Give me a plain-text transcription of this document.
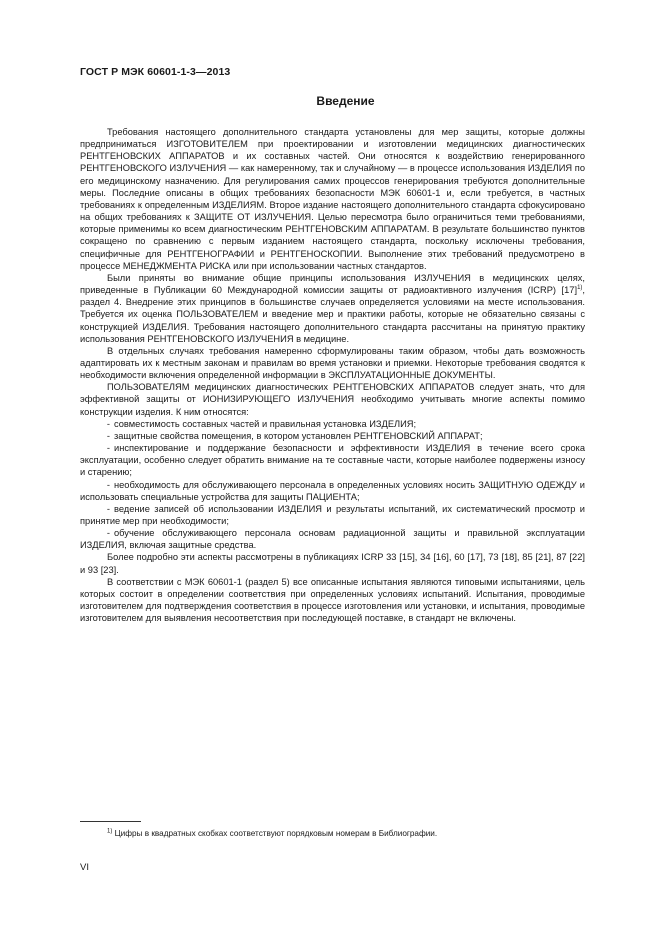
ГОСТ Р МЭК 60601-1-3—2013
Введение

Требования настоящего дополнительного стандарта установлены для мер защиты, которые должны предприниматься ИЗГОТОВИТЕЛЕМ при проектировании и изготовлении медицинских диагностических РЕНТГЕНОВСКИХ АППАРАТОВ и их составных частей. Они относятся к воздействию генерированного РЕНТГЕНОВСКОГО ИЗЛУЧЕНИЯ — как намеренному, так и случайному — в процессе использования ИЗДЕЛИЯ по его медицинскому назначению. Для регулирования самих процессов генерирования требуются дополнительные меры. Последние описаны в общих требованиях безопасности МЭК 60601-1 и, если требуется, в частных требованиях к определенным ИЗДЕЛИЯМ. Второе издание настоящего дополнительного стандарта сфокусировано на общих требованиях к ЗАЩИТЕ ОТ ИЗЛУЧЕНИЯ. Целью пересмотра было ограничиться теми требованиями, которые применимы ко всем диагностическим РЕНТГЕНОВСКИМ АППАРАТАМ. В результате большинство пунктов сокращено по сравнению с первым изданием настоящего стандарта, поскольку исключены требования, специфичные для РЕНТГЕНОГРАФИИ и РЕНТГЕНОСКОПИИ. Выполнение этих требований предусмотрено в процессе МЕНЕДЖМЕНТА РИСКА или при использовании частных стандартов.

Были приняты во внимание общие принципы использования ИЗЛУЧЕНИЯ в медицинских целях, приведенные в Публикации 60 Международной комиссии защиты от радиоактивного излучения (ICRP) $[17]^{1)}$, раздел 4. Внедрение этих принципов в большинстве случаев определяется условиями на месте использования. Требуется их оценка ПОЛЬЗОВАТЕЛЕМ и введение мер и практики работы, которые не обязательно связаны с конструкцией ИЗДЕЛИЯ. Требования настоящего дополнительного стандарта рассчитаны на принятую практику использования РЕНТГЕНОВСКОГО ИЗЛУЧЕНИЯ в медицине.

В отдельных случаях требования намеренно сформулированы таким образом, чтобы дать возможность адаптировать их к местным законам и правилам во время установки и приемки. Некоторые требования сводятся к необходимости включения определенной информации в ЭКСПЛУАТАЦИОННЫЕ ДОКУМЕНТЫ.

ПОЛЬЗОВАТЕЛЯМ медицинских диагностических РЕНТГЕНОВСКИХ АППАРАТОВ следует знать, что для эффективной защиты от ИОНИЗИРУЮЩЕГО ИЗЛУЧЕНИЯ необходимо учитывать многие аспекты помимо конструкции изделия. К ним относятся:

- совместимость составных частей и правильная установка ИЗДЕЛИЯ;

- защитные свойства помещения, в котором установлен РЕНТГЕНОВСКИЙ АППАРАТ;

- инспектирование и поддержание безопасности и эффективности ИЗДЕЛИЯ в течение всего срока эксплуатации, особенно следует обратить внимание на те составные части, которые наиболее подвержены износу и старению;

- необходимость для обслуживающего персонала в определенных условиях носить ЗАЩИТНУЮ ОДЕЖДУ и использовать специальные устройства для защиты ПАЦИЕНТА;

- ведение записей об использовании ИЗДЕЛИЯ и результаты испытаний, их систематический просмотр и принятие мер при необходимости;

- обучение обслуживающего персонала основам радиационной защиты и правильной эксплуатации ИЗДЕЛИЯ, включая защитные средства.

Более подробно эти аспекты рассмотрены в публикациях ICRP 33 [15], 34 [16], 60 [17], 73 [18], 85 [21], 87 [22] и 93 [23].

В соответствии с МЭК 60601-1 (раздел 5) все описанные испытания являются типовыми испытаниями, цель которых состоит в определении соответствия при определенных условиях испытаний. Испытания, проводимые изготовителем для подтверждения соответствия в процессе изготовления или установки, и испытания, проводимые изготовителем для выявления несоответствия при последующей поставке, в стандарт не включены.

$^{1)}$ Цифры в квадратных скобках соответствуют порядковым номерам в Библиографии.
VI
